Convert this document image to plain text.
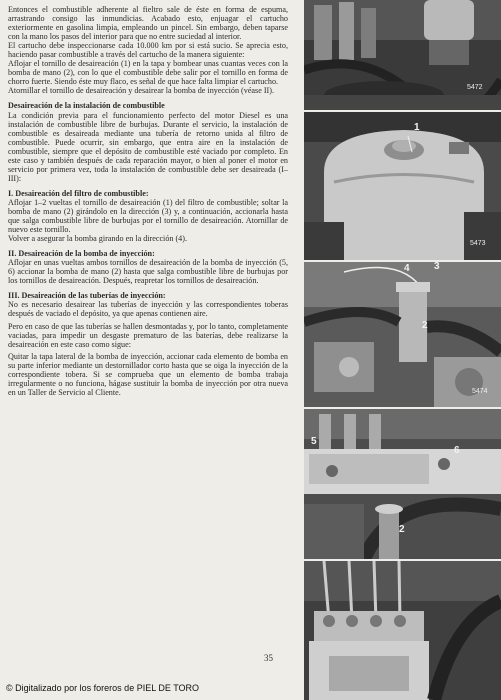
Entonces el combustible adherente al fieltro sale de éste en forma de espuma, arrastrando consigo las inmundicias. Acabado esto, enjuagar el cartucho exteriormente en gasolina limpia, empleando un pincel. Sin embargo, deben taparse con la mano los pasos del interior para que no entre suciedad al interior.

El cartucho debe inspeccionarse cada 10.000 km por si está sucio. Se aprecia esto, haciendo pasar combustible a través del cartucho de la manera siguiente:

Aflojar el tornillo de desaireación (1) en la tapa y bombear unas cuantas veces con la bomba de mano (2), con lo que el combustible debe salir por el tornillo en forma de chorro fuerte. Siendo éste muy flaco, es señal de que hace falta limpiar el cartucho.

Atornillar el tornillo de desaireación y desairear la bomba de inyección (véase II).

Desaireación de la instalación de combustible

La condición previa para el funcionamiento perfecto del motor Diesel es una instalación de combustible libre de burbujas. Durante el servicio, la instalación de combustible es desaireada mediante una tubería de retorno unida al filtro de combustible. Puede ocurrir, sin embargo, que entra aire en la instalación de combustible, siempre que el depósito de combustible esté vaciado por completo. En este caso y también después de cada reparación mayor, o bien al poner el motor en servicio por primera vez, toda la instalación de combustible debe ser desaireada (I–III):

I. Desaireación del filtro de combustible:

Aflojar 1–2 vueltas el tornillo de desaireación (1) del filtro de combustible; soltar la bomba de mano (2) girándolo en la dirección (3) y, a continuación, accionarla hasta que salga combustible libre de burbujas por el tornillo de desaireación. Atornillar de nuevo este tornillo.

Volver a asegurar la bomba girando en la dirección (4).

II. Desaireación de la bomba de inyección:

Aflojar en unas vueltas ambos tornillos de desaireación de la bomba de inyección (5, 6) accionar la bomba de mano (2) hasta que salga combustible libre de burbujas por los tornillos de desaireación. Después, reapretar los tornillos de desaireación.

III. Desaireación de las tuberías de inyección:

No es necesario desairear las tuberías de inyección y las correspondientes toberas después de vaciado el depósito, ya que apenas contienen aire.

Pero en caso de que las tuberías se hallen desmontadas y, por lo tanto, completamente vaciadas, para impedir un desgaste prematuro de las baterías, debe realizarse la desaireación en este caso como sigue:

Quitar la tapa lateral de la bomba de inyección, accionar cada elemento de bomba en su parte inferior mediante un destornillador corto hasta que se oiga la inyección de la correspondiente tobera. Si se comprueba que un elemento de bomba trabaja irregularmente o no funciona, hágase sustituir la bomba de inyección por otra nueva en un Taller de Servicio al Cliente.

35
© Digitalizado por los foreros de PIEL DE TORO
5472
1
5473
4 3
2
5474
5
6
2
